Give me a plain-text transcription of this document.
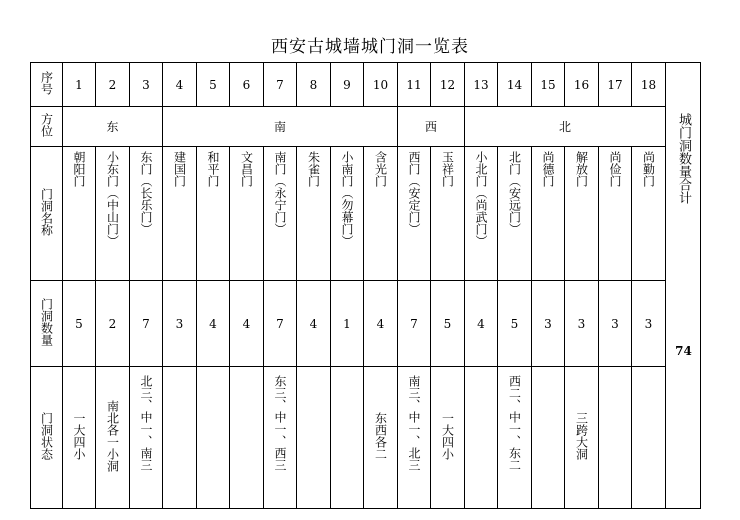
西安古城墙城门洞一览表
序号	1	2	3	4	5	6	7	8	9	10	11	12	13	14	15	16	17	18	城门洞数量合计
方位	东			南							西		北						
门洞名称	朝阳门	小东门（中山门）	东门（长乐门）	建国门	和平门	文昌门	南门（永宁门）	朱雀门	小南门（勿幕门）	含光门	西门（安定门）	玉祥门	小北门（尚武门）	北门（安远门）	尚德门	解放门	尚俭门	尚勤门	
门洞数量	5	2	7	3	4	4	7	4	1	4	7	5	4	5	3	3	3	3	
门洞状态	一大四小	南北各一小洞	北三、中一、南三				东三、中一、西三			东西各二	南三、中一、北三	一大四小		西二、中一、东二		三跨大洞			
74
